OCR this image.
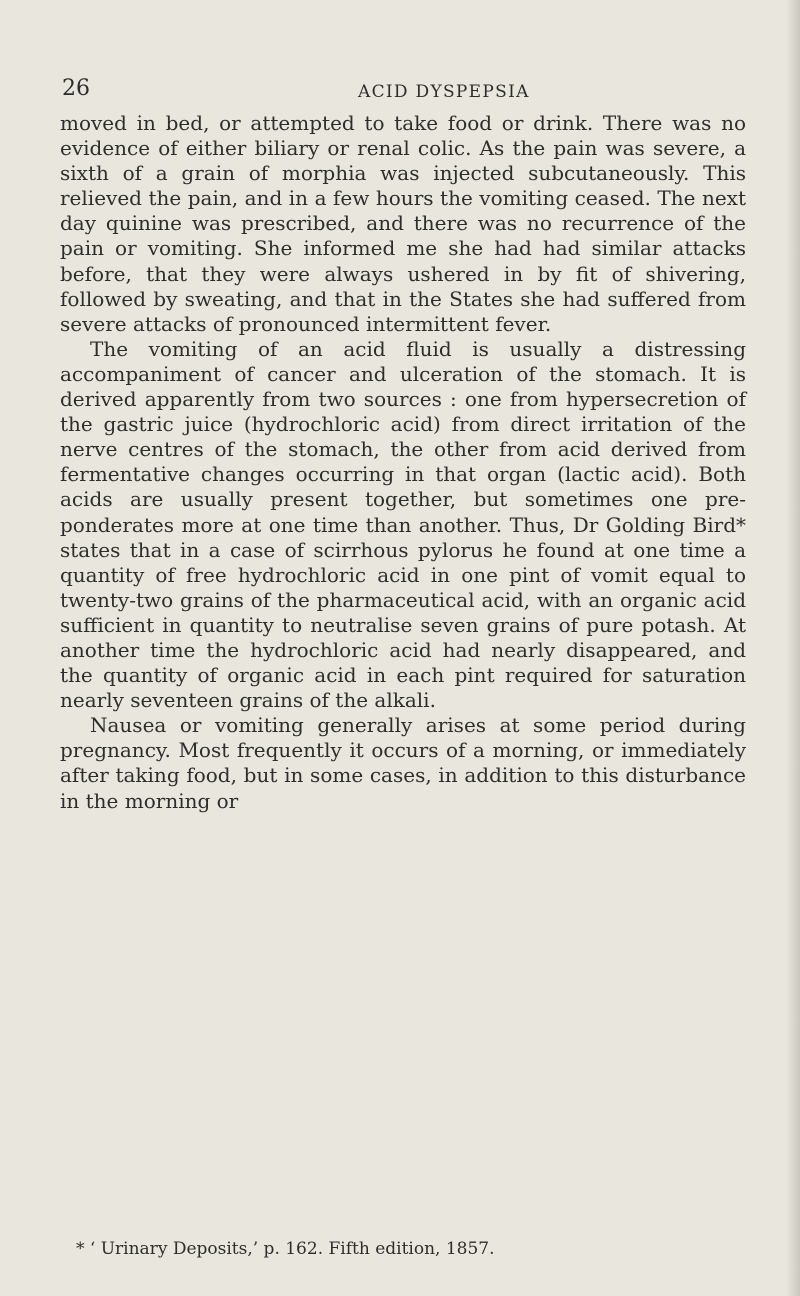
26	ACID DYSPEPSIA

moved in bed, or attempted to take food or drink. There was no evidence of either biliary or renal colic. As the pain was severe, a sixth of a grain of morphia was injected subcutaneously. This relieved the pain, and in a few hours the vomiting ceased. The next day quinine was prescribed, and there was no recurrence of the pain or vomiting. She informed me she had had similar attacks before, that they were always ushered in by fit of shivering, followed by sweating, and that in the States she had suffered from severe attacks of pronounced intermittent fever.

The vomiting of an acid fluid is usually a distressing accompaniment of cancer and ulceration of the stomach. It is derived apparently from two sources : one from hypersecretion of the gastric juice (hydrochloric acid) from direct irritation of the nerve centres of the stomach, the other from acid derived from fermentative changes occurring in that organ (lactic acid). Both acids are usually present together, but sometimes one preponderates more at one time than another. Thus, Dr Golding Bird* states that in a case of scirrhous pylorus he found at one time a quantity of free hydrochloric acid in one pint of vomit equal to twenty-two grains of the pharmaceutical acid, with an organic acid sufficient in quantity to neutralise seven grains of pure potash. At another time the hydrochloric acid had nearly disappeared, and the quantity of organic acid in each pint required for saturation nearly seventeen grains of the alkali.

Nausea or vomiting generally arises at some period during pregnancy. Most frequently it occurs of a morning, or immediately after taking food, but in some cases, in addition to this disturbance in the morning or

* ‘ Urinary Deposits,’ p. 162. Fifth edition, 1857.
